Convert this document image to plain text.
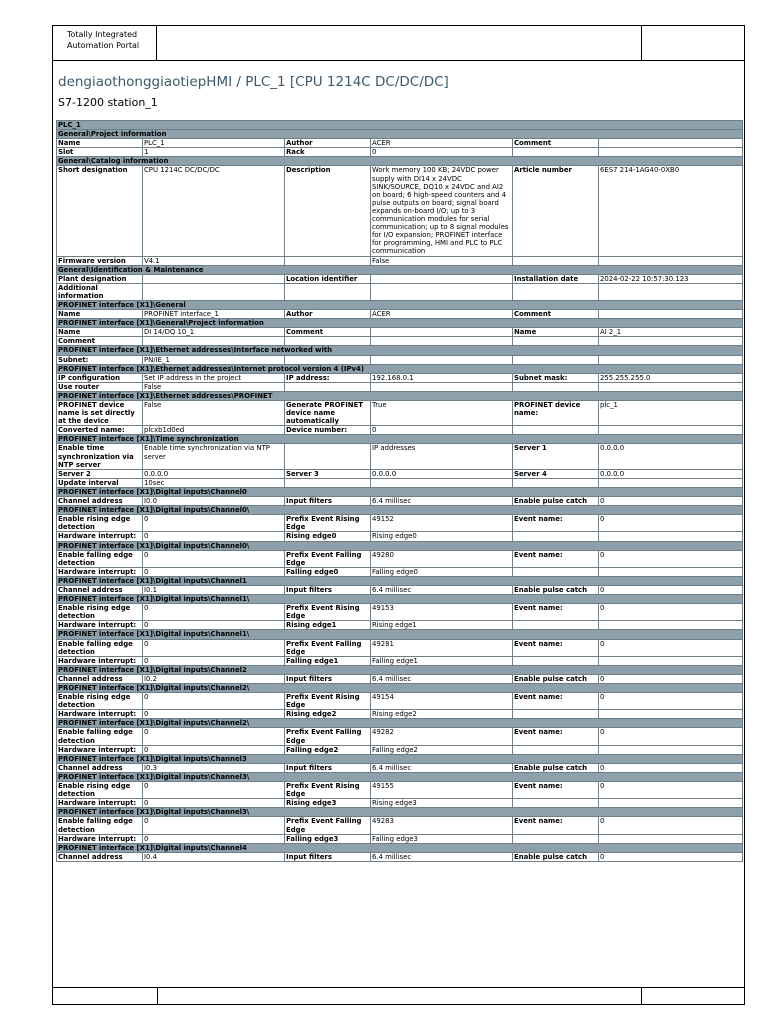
Totally Integrated
Automation Portal
dengiaothonggiaotiepHMI / PLC_1 [CPU 1214C DC/DC/DC]
S7-1200 station_1
PLC_1					
General\Project information					
Name	PLC_1	Author	ACER	Comment	
Slot	1	Rack	0		
General\Catalog information					
Short designation	CPU 1214C DC/DC/DC	Description	Work memory 100 KB; 24VDC power supply with DI14 x 24VDC SINK/SOURCE, DQ10 x 24VDC and AI2 on board; 6 high-speed counters and 4 pulse outputs on board; signal board expands on-board I/O; up to 3 communication modules for serial communication; up to 8 signal modules for I/O expansion; PROFINET interface for programming, HMI and PLC to PLC communication	Article number	6ES7 214-1AG40-0XB0
Firmware version	V4.1		False		
General\Identification & Maintenance					
Plant designation		Location identifier		Installation date	2024-02-22 10:57:30.123
Additional information					
PROFINET interface [X1]\General					
Name	PROFINET interface_1	Author	ACER	Comment	
PROFINET interface [X1]\General\Project information					
Name	DI 14/DQ 10_1	Comment		Name	AI 2_1
Comment					
PROFINET interface [X1]\Ethernet addresses\Interface networked with					
Subnet:	PN/IE_1				
PROFINET interface [X1]\Ethernet addresses\Internet protocol version 4 (IPv4)					
IP configuration	Set IP address in the project	IP address:	192.168.0.1	Subnet mask:	255.255.255.0
Use router	False				
PROFINET interface [X1]\Ethernet addresses\PROFINET					
PROFINET device name is set directly at the device	False	Generate PROFINET device name automatically	True	PROFINET device name:	plc_1
Converted name:	plcxb1d0ed	Device number:	0		
PROFINET interface [X1]\Time synchronization					
Enable time synchronization via NTP server	Enable time synchronization via NTP server		IP addresses	Server 1	0.0.0.0
Server 2	0.0.0.0	Server 3	0.0.0.0	Server 4	0.0.0.0
Update interval	10sec				
PROFINET interface [X1]\Digital inputs\Channel0					
Channel address	I0.0	Input filters	6.4 millisec	Enable pulse catch	0
PROFINET interface [X1]\Digital inputs\Channel0\					
Enable rising edge detection	0	Prefix Event Rising Edge	49152	Event name:	0
Hardware interrupt:	0	Rising edge0	Rising edge0		
PROFINET interface [X1]\Digital inputs\Channel0\					
Enable falling edge detection	0	Prefix Event Falling Edge	49280	Event name:	0
Hardware interrupt:	0	Falling edge0	Falling edge0		
PROFINET interface [X1]\Digital inputs\Channel1					
Channel address	I0.1	Input filters	6.4 millisec	Enable pulse catch	0
PROFINET interface [X1]\Digital inputs\Channel1\					
Enable rising edge detection	0	Prefix Event Rising Edge	49153	Event name:	0
Hardware interrupt:	0	Rising edge1	Rising edge1		
PROFINET interface [X1]\Digital inputs\Channel1\					
Enable falling edge detection	0	Prefix Event Falling Edge	49281	Event name:	0
Hardware interrupt:	0	Falling edge1	Falling edge1		
PROFINET interface [X1]\Digital inputs\Channel2					
Channel address	I0.2	Input filters	6.4 millisec	Enable pulse catch	0
PROFINET interface [X1]\Digital inputs\Channel2\					
Enable rising edge detection	0	Prefix Event Rising Edge	49154	Event name:	0
Hardware interrupt:	0	Rising edge2	Rising edge2		
PROFINET interface [X1]\Digital inputs\Channel2\					
Enable falling edge detection	0	Prefix Event Falling Edge	49282	Event name:	0
Hardware interrupt:	0	Falling edge2	Falling edge2		
PROFINET interface [X1]\Digital inputs\Channel3					
Channel address	I0.3	Input filters	6.4 millisec	Enable pulse catch	0
PROFINET interface [X1]\Digital inputs\Channel3\					
Enable rising edge detection	0	Prefix Event Rising Edge	49155	Event name:	0
Hardware interrupt:	0	Rising edge3	Rising edge3		
PROFINET interface [X1]\Digital inputs\Channel3\					
Enable falling edge detection	0	Prefix Event Falling Edge	49283	Event name:	0
Hardware interrupt:	0	Falling edge3	Falling edge3		
PROFINET interface [X1]\Digital inputs\Channel4					
Channel address	I0.4	Input filters	6.4 millisec	Enable pulse catch	0
